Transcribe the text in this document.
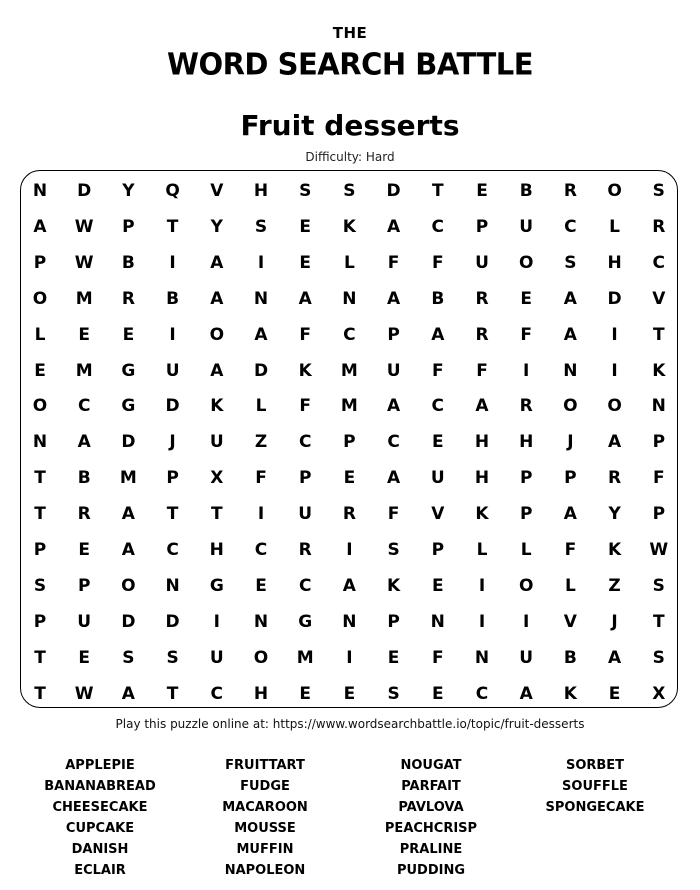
THE
WORD SEARCH BATTLE
Fruit desserts
Difficulty: Hard
N	D	Y	Q	V	H	S	S	D	T	E	B	R	O	S
A	W	P	T	Y	S	E	K	A	C	P	U	C	L	R
P	W	B	I	A	I	E	L	F	F	U	O	S	H	C
O	M	R	B	A	N	A	N	A	B	R	E	A	D	V
L	E	E	I	O	A	F	C	P	A	R	F	A	I	T
E	M	G	U	A	D	K	M	U	F	F	I	N	I	K
O	C	G	D	K	L	F	M	A	C	A	R	O	O	N
N	A	D	J	U	Z	C	P	C	E	H	H	J	A	P
T	B	M	P	X	F	P	E	A	U	H	P	P	R	F
T	R	A	T	T	I	U	R	F	V	K	P	A	Y	P
P	E	A	C	H	C	R	I	S	P	L	L	F	K	W
S	P	O	N	G	E	C	A	K	E	I	O	L	Z	S
P	U	D	D	I	N	G	N	P	N	I	I	V	J	T
T	E	S	S	U	O	M	I	E	F	N	U	B	A	S
T	W	A	T	C	H	E	E	S	E	C	A	K	E	X
Play this puzzle online at: https://www.wordsearchbattle.io/topic/fruit-desserts
APPLEPIE
BANANABREAD
CHEESECAKE
CUPCAKE
DANISH
ECLAIR
FRUITTART
FUDGE
MACAROON
MOUSSE
MUFFIN
NAPOLEON
NOUGAT
PARFAIT
PAVLOVA
PEACHCRISP
PRALINE
PUDDING
SORBET
SOUFFLE
SPONGECAKE
